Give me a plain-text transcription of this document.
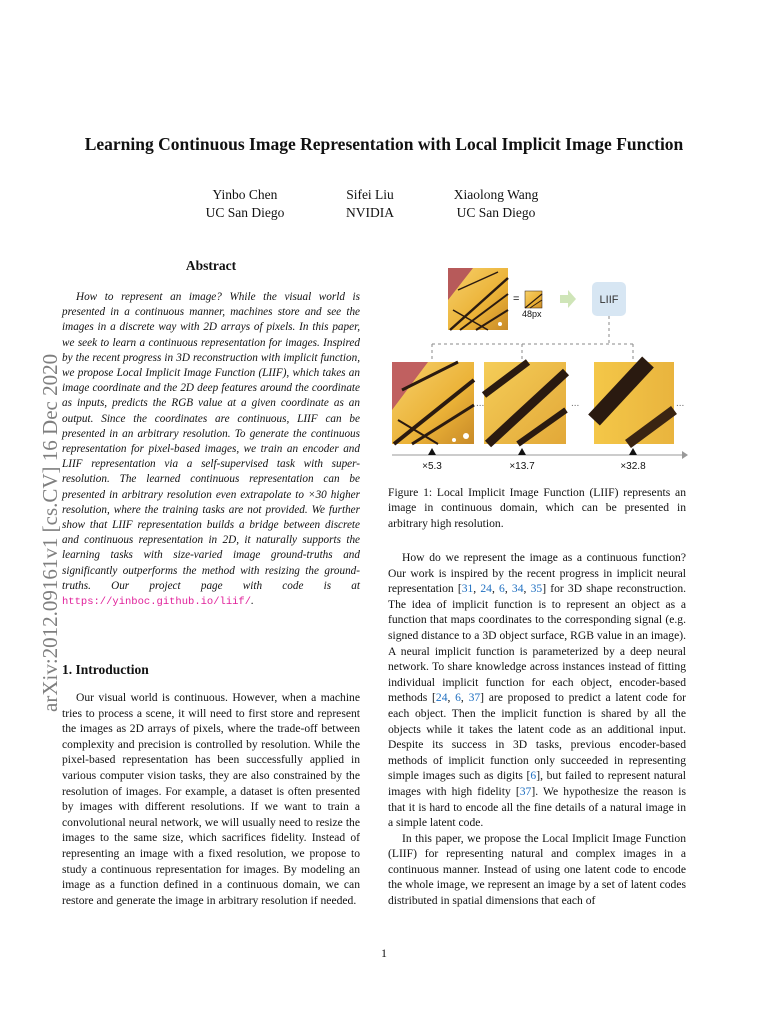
Learning Continuous Image Representation with Local Implicit Image Function
Yinbo Chen
UC San Diego
Sifei Liu
NVIDIA
Xiaolong Wang
UC San Diego
arXiv:2012.09161v1 [cs.CV] 16 Dec 2020
Abstract

How to represent an image? While the visual world is presented in a continuous manner, machines store and see the images in a discrete way with 2D arrays of pixels. In this paper, we seek to learn a continuous representation for images. Inspired by the recent progress in 3D reconstruction with implicit function, we propose Local Implicit Image Function (LIIF), which takes an image coordinate and the 2D deep features around the coordinate as inputs, predicts the RGB value at a given coordinate as an output. Since the coordinates are continuous, LIIF can be presented in an arbitrary resolution. To generate the continuous representation for pixel-based images, we train an encoder and LIIF representation via a self-supervised task with super-resolution. The learned continuous representation can be presented in arbitrary resolution even extrapolate to ×30 higher resolution, where the training tasks are not provided. We further show that LIIF representation builds a bridge between discrete and continuous representation in 2D, it naturally supports the learning tasks with size-varied image ground-truths and significantly outperforms the method with resizing the ground-truths. Our project page with code is at https://yinboc.github.io/liif/.

1. Introduction

Our visual world is continuous. However, when a machine tries to process a scene, it will need to first store and represent the images as 2D arrays of pixels, where the trade-off between complexity and precision is controlled by resolution. While the pixel-based representation has been successfully applied in various computer vision tasks, they are also constrained by the resolution of images. For example, a dataset is often presented by images with different resolutions. If we want to train a convolutional neural network, we will usually need to resize the images to the same size, which sacrifices fidelity. Instead of representing an image with a fixed resolution, we propose to study a continuous representation for images. By modeling an image as a function defined in a continuous domain, we can restore and generate the image in arbitrary resolution if needed.

=
48px
LIIF
...	...	...
×5.3	×13.7	×32.8

Figure 1: Local Implicit Image Function (LIIF) represents an image in continuous domain, which can be presented in arbitrary high resolution.

How do we represent the image as a continuous function? Our work is inspired by the recent progress in implicit neural representation [31, 24, 6, 34, 35] for 3D shape reconstruction. The idea of implicit function is to represent an object as a function that maps coordinates to the corresponding signal (e.g. signed distance to a 3D object surface, RGB value in an image). A neural implicit function is parameterized by a deep neural network. To share knowledge across instances instead of fitting individual implicit function for each object, encoder-based methods [24, 6, 37] are proposed to predict a latent code for each object. Then the implicit function is shared by all the objects while it takes the latent code as an additional input. Despite its success in 3D tasks, previous encoder-based methods of implicit function only succeeded in representing simple images such as digits [6], but failed to represent natural images with high fidelity [37]. We hypothesize the reason is that it is hard to encode all the fine details of a natural image in a simple latent code.

In this paper, we propose the Local Implicit Image Function (LIIF) for representing natural and complex images in a continuous manner. Instead of using one latent code to encode the whole image, we represent an image by a set of latent codes distributed in spatial dimensions that each of

1
